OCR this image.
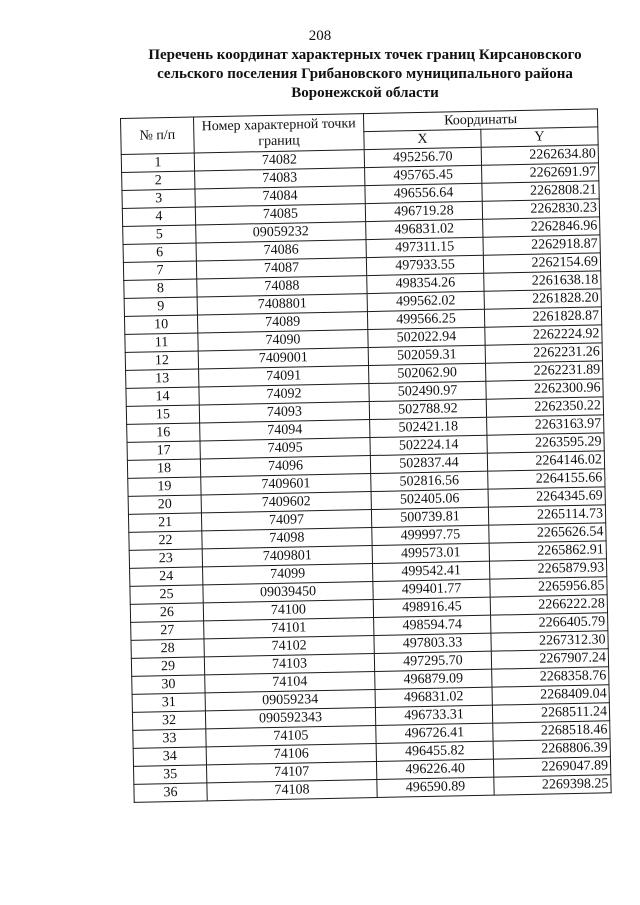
208
Перечень координат характерных точек границ Кирсановского
сельского поселения Грибановского муниципального района
Воронежской области
№ п/п	Номер характерной точки границ	Координаты	
		X	Y
1	74082	495256.70	2262634.80
2	74083	495765.45	2262691.97
3	74084	496556.64	2262808.21
4	74085	496719.28	2262830.23
5	09059232	496831.02	2262846.96
6	74086	497311.15	2262918.87
7	74087	497933.55	2262154.69
8	74088	498354.26	2261638.18
9	7408801	499562.02	2261828.20
10	74089	499566.25	2261828.87
11	74090	502022.94	2262224.92
12	7409001	502059.31	2262231.26
13	74091	502062.90	2262231.89
14	74092	502490.97	2262300.96
15	74093	502788.92	2262350.22
16	74094	502421.18	2263163.97
17	74095	502224.14	2263595.29
18	74096	502837.44	2264146.02
19	7409601	502816.56	2264155.66
20	7409602	502405.06	2264345.69
21	74097	500739.81	2265114.73
22	74098	499997.75	2265626.54
23	7409801	499573.01	2265862.91
24	74099	499542.41	2265879.93
25	09039450	499401.77	2265956.85
26	74100	498916.45	2266222.28
27	74101	498594.74	2266405.79
28	74102	497803.33	2267312.30
29	74103	497295.70	2267907.24
30	74104	496879.09	2268358.76
31	09059234	496831.02	2268409.04
32	090592343	496733.31	2268511.24
33	74105	496726.41	2268518.46
34	74106	496455.82	2268806.39
35	74107	496226.40	2269047.89
36	74108	496590.89	2269398.25
